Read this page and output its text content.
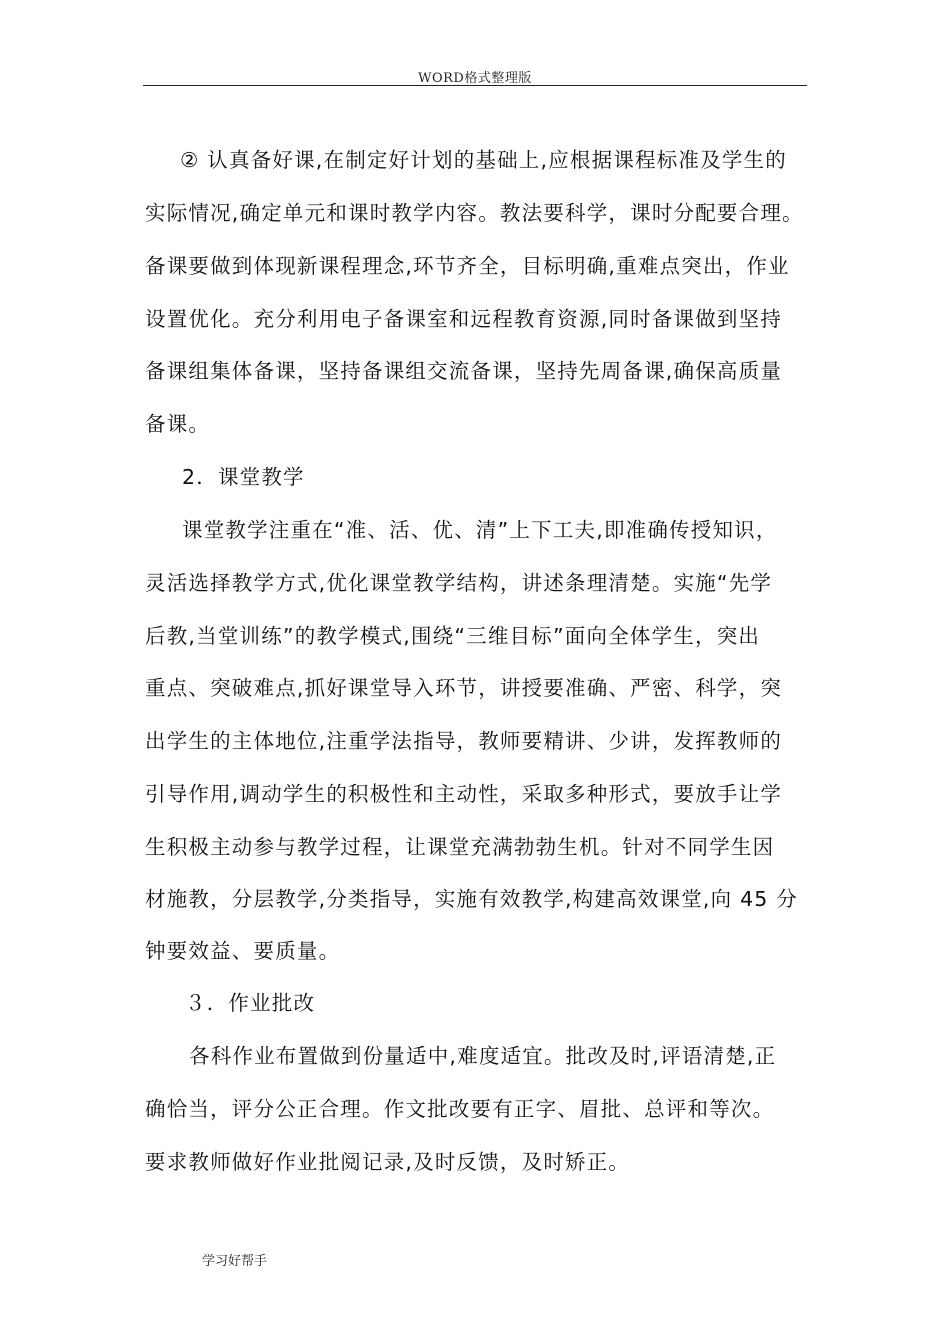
WORD格式整理版
② 认真备好课,在制定好计划的基础上,应根据课程标准及学生的
实际情况,确定单元和课时教学内容。教法要科学，课时分配要合理。
备课要做到体现新课程理念,环节齐全，目标明确,重难点突出，作业
设置优化。充分利用电子备课室和远程教育资源,同时备课做到坚持
备课组集体备课，坚持备课组交流备课，坚持先周备课,确保高质量
备课。
2．课堂教学
课堂教学注重在“准、活、优、清”上下工夫,即准确传授知识，
灵活选择教学方式,优化课堂教学结构，讲述条理清楚。实施“先学
后教,当堂训练”的教学模式,围绕“三维目标”面向全体学生，突出
重点、突破难点,抓好课堂导入环节，讲授要准确、严密、科学，突
出学生的主体地位,注重学法指导，教师要精讲、少讲，发挥教师的
引导作用,调动学生的积极性和主动性，采取多种形式，要放手让学
生积极主动参与教学过程，让课堂充满勃勃生机。针对不同学生因
材施教，分层教学,分类指导，实施有效教学,构建高效课堂,向 45 分
钟要效益、要质量。
３．作业批改
各科作业布置做到份量适中,难度适宜。批改及时,评语清楚,正
确恰当，评分公正合理。作文批改要有正字、眉批、总评和等次。
要求教师做好作业批阅记录,及时反馈，及时矫正。
学习好帮手
